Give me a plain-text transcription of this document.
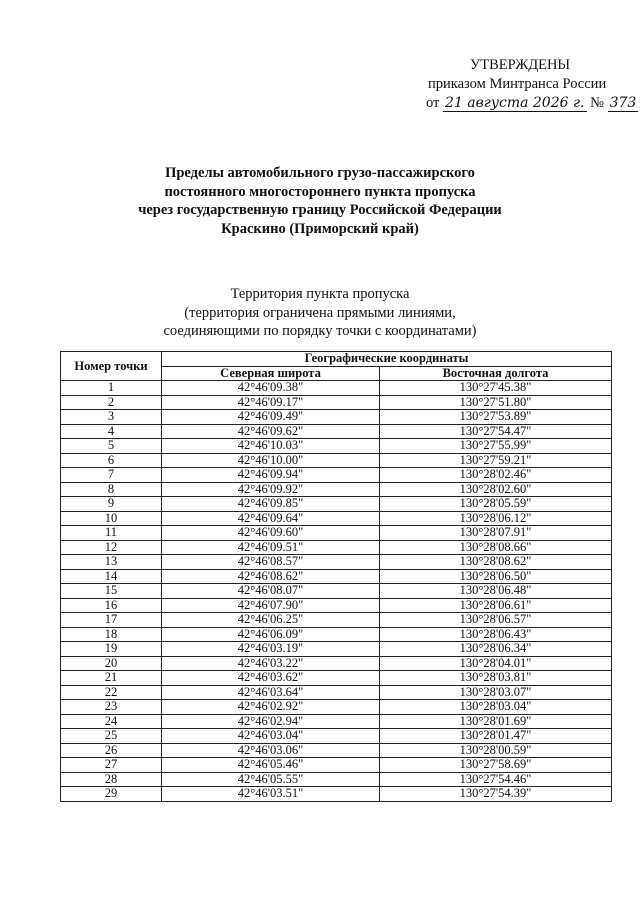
УТВЕРЖДЕНЫ
приказом Минтранса России
от 21 августа 2026 г. № 373
Пределы автомобильного грузо-пассажирского
постоянного многостороннего пункта пропуска
через государственную границу Российской Федерации
Краскино (Приморский край)
Территория пункта пропуска
(территория ограничена прямыми линиями,
соединяющими по порядку точки с координатами)
Номер точки	Географические координаты	
	Северная широта	Восточная долгота
1	42°46'09.38"	130°27'45.38"
2	42°46'09.17"	130°27'51.80"
3	42°46'09.49"	130°27'53.89"
4	42°46'09.62"	130°27'54.47"
5	42°46'10.03"	130°27'55.99"
6	42°46'10.00"	130°27'59.21"
7	42°46'09.94"	130°28'02.46"
8	42°46'09.92"	130°28'02.60"
9	42°46'09.85"	130°28'05.59"
10	42°46'09.64"	130°28'06.12"
11	42°46'09.60"	130°28'07.91"
12	42°46'09.51"	130°28'08.66"
13	42°46'08.57"	130°28'08.62"
14	42°46'08.62"	130°28'06.50"
15	42°46'08.07"	130°28'06.48"
16	42°46'07.90"	130°28'06.61"
17	42°46'06.25"	130°28'06.57"
18	42°46'06.09"	130°28'06.43"
19	42°46'03.19"	130°28'06.34"
20	42°46'03.22"	130°28'04.01"
21	42°46'03.62"	130°28'03.81"
22	42°46'03.64"	130°28'03.07"
23	42°46'02.92"	130°28'03.04"
24	42°46'02.94"	130°28'01.69"
25	42°46'03.04"	130°28'01.47"
26	42°46'03.06"	130°28'00.59"
27	42°46'05.46"	130°27'58.69"
28	42°46'05.55"	130°27'54.46"
29	42°46'03.51"	130°27'54.39"
